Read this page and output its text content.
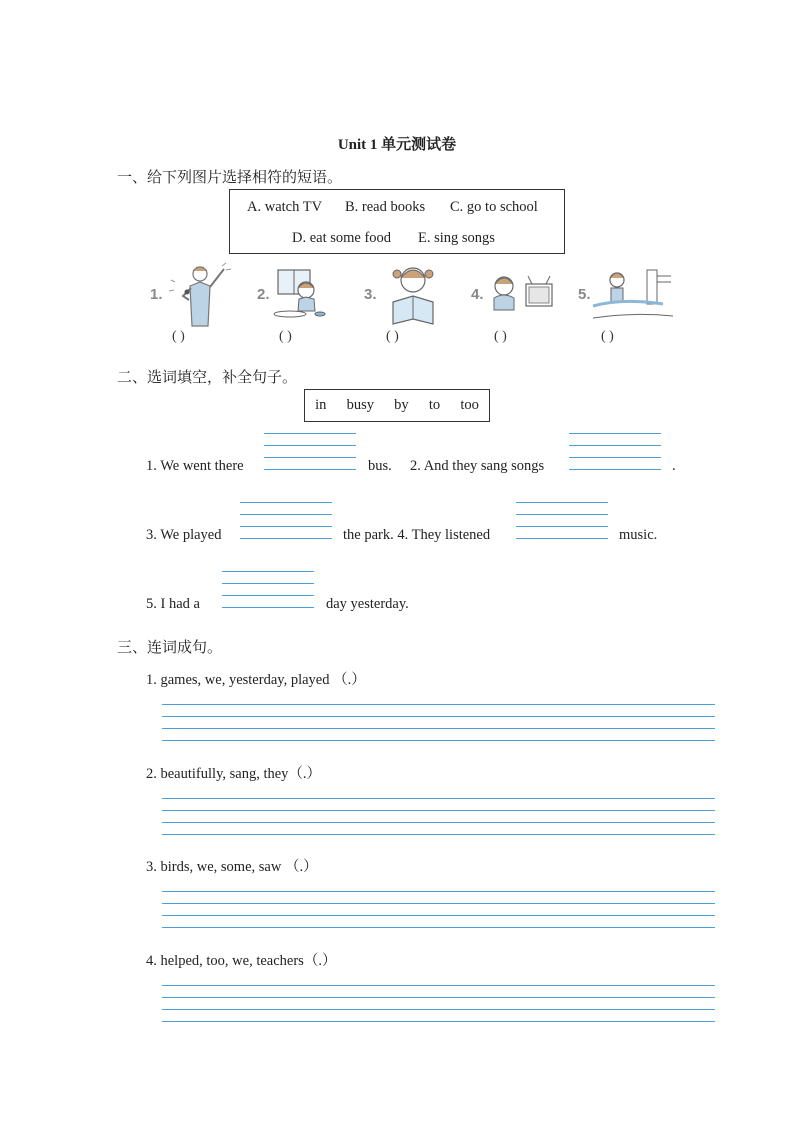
Unit 1 单元测试卷
一、给下列图片选择相符的短语。
A. watch TV B. read books C. go to school
D. eat some food E. sing songs
1.
( )
2.
( )
3.
( )
4.
( )
5.
( )
二、选词填空，补全句子。
in busy by to too
1. We went there	bus. 2. And they sang songs	.
3. We played	the park. 4. They listened	music.
5. I had a	day yesterday.
三、连词成句。
1. games, we, yesterday, played （.）
2. beautifully, sang, they（.）
3. birds, we, some, saw （.）
4. helped, too, we, teachers（.）
